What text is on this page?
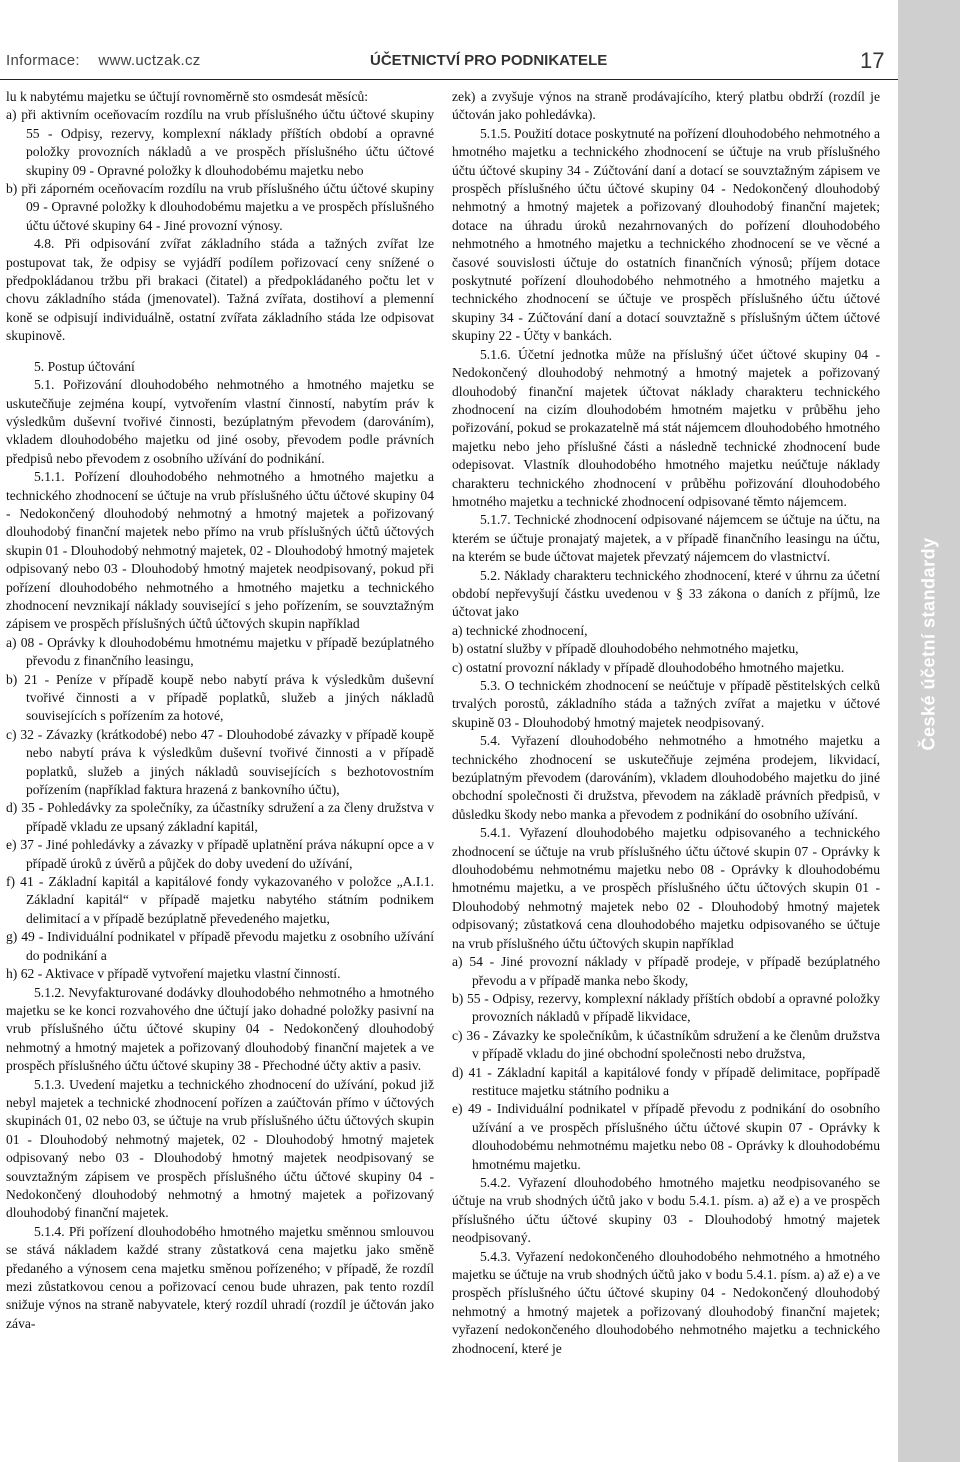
Informace: www.uctzak.cz	ÚČETNICTVÍ PRO PODNIKATELE	17
České účetní standardy

lu k nabytému majetku se účtují rovnoměrně sto osmdesát měsíců:

a) při aktivním oceňovacím rozdílu na vrub příslušného účtu účtové skupiny 55 - Odpisy, rezervy, komplexní náklady příštích období a opravné položky provozních nákladů a ve prospěch příslušného účtu účtové skupiny 09 - Opravné položky k dlouhodobému majetku nebo

b) při záporném oceňovacím rozdílu na vrub příslušného účtu účtové skupiny 09 - Opravné položky k dlouhodobému majetku a ve prospěch příslušného účtu účtové skupiny 64 - Jiné provozní výnosy.

4.8. Při odpisování zvířat základního stáda a tažných zvířat lze postupovat tak, že odpisy se vyjádří podílem pořizovací ceny snížené o předpokládanou tržbu při brakaci (čitatel) a předpokládaného počtu let v chovu základního stáda (jmenovatel). Tažná zvířata, dostihoví a plemenní koně se odpisují individuálně, ostatní zvířata základního stáda lze odpisovat skupinově.

5. Postup účtování

5.1. Pořizování dlouhodobého nehmotného a hmotného majetku se uskutečňuje zejména koupí, vytvořením vlastní činností, nabytím práv k výsledkům duševní tvořivé činnosti, bezúplatným převodem (darováním), vkladem dlouhodobého majetku od jiné osoby, převodem podle právních předpisů nebo převodem z osobního užívání do podnikání.

5.1.1. Pořízení dlouhodobého nehmotného a hmotného majetku a technického zhodnocení se účtuje na vrub příslušného účtu účtové skupiny 04 - Nedokončený dlouhodobý nehmotný a hmotný majetek a pořizovaný dlouhodobý finanční majetek nebo přímo na vrub příslušných účtů účtových skupin 01 - Dlouhodobý nehmotný majetek, 02 - Dlouhodobý hmotný majetek odpisovaný nebo 03 - Dlouhodobý hmotný majetek neodpisovaný, pokud při pořízení dlouhodobého nehmotného a hmotného majetku a technického zhodnocení nevznikají náklady související s jeho pořízením, se souvztažným zápisem ve prospěch příslušných účtů účtových skupin například

a) 08 - Oprávky k dlouhodobému hmotnému majetku v případě bezúplatného převodu z finančního leasingu,

b) 21 - Peníze v případě koupě nebo nabytí práva k výsledkům duševní tvořivé činnosti a v případě poplatků, služeb a jiných nákladů souvisejících s pořízením za hotové,

c) 32 - Závazky (krátkodobé) nebo 47 - Dlouhodobé závazky v případě koupě nebo nabytí práva k výsledkům duševní tvořivé činnosti a v případě poplatků, služeb a jiných nákladů souvisejících s bezhotovostním pořízením (například faktura hrazená z bankovního účtu),

d) 35 - Pohledávky za společníky, za účastníky sdružení a za členy družstva v případě vkladu ze upsaný základní kapitál,

e) 37 - Jiné pohledávky a závazky v případě uplatnění práva nákupní opce a v případě úroků z úvěrů a půjček do doby uvedení do užívání,

f) 41 - Základní kapitál a kapitálové fondy vykazovaného v položce „A.I.1. Základní kapitál“ v případě majetku nabytého státním podnikem delimitací a v případě bezúplatně převedeného majetku,

g) 49 - Individuální podnikatel v případě převodu majetku z osobního užívání do podnikání a

h) 62 - Aktivace v případě vytvoření majetku vlastní činností.

5.1.2. Nevyfakturované dodávky dlouhodobého nehmotného a hmotného majetku se ke konci rozvahového dne účtují jako dohadné položky pasivní na vrub příslušného účtu účtové skupiny 04 - Nedokončený dlouhodobý nehmotný a hmotný majetek a pořizovaný dlouhodobý finanční majetek a ve prospěch příslušného účtu účtové skupiny 38 - Přechodné účty aktiv a pasiv.

5.1.3. Uvedení majetku a technického zhodnocení do užívání, pokud již nebyl majetek a technické zhodnocení pořízen a zaúčtován přímo v účtových skupinách 01, 02 nebo 03, se účtuje na vrub příslušného účtu účtových skupin 01 - Dlouhodobý nehmotný majetek, 02 - Dlouhodobý hmotný majetek odpisovaný nebo 03 - Dlouhodobý hmotný majetek neodpisovaný se souvztažným zápisem ve prospěch příslušného účtu účtové skupiny 04 - Nedokončený dlouhodobý nehmotný a hmotný majetek a pořizovaný dlouhodobý finanční majetek.

5.1.4. Při pořízení dlouhodobého hmotného majetku směnnou smlouvou se stává nákladem každé strany zůstatková cena majetku jako směně předaného a výnosem cena majetku směnou pořízeného; v případě, že rozdíl mezi zůstatkovou cenou a pořizovací cenou bude uhrazen, pak tento rozdíl snižuje výnos na straně nabyvatele, který rozdíl uhradí (rozdíl je účtován jako záva-

zek) a zvyšuje výnos na straně prodávajícího, který platbu obdrží (rozdíl je účtován jako pohledávka).

5.1.5. Použití dotace poskytnuté na pořízení dlouhodobého nehmotného a hmotného majetku a technického zhodnocení se účtuje na vrub příslušného účtu účtové skupiny 34 - Zúčtování daní a dotací se souvztažným zápisem ve prospěch příslušného účtu účtové skupiny 04 - Nedokončený dlouhodobý nehmotný a hmotný majetek a pořizovaný dlouhodobý finanční majetek; dotace na úhradu úroků nezahrnovaných do pořízení dlouhodobého nehmotného a hmotného majetku a technického zhodnocení se ve věcné a časové souvislosti účtuje do ostatních finančních výnosů; příjem dotace poskytnuté pořízení dlouhodobého nehmotného a hmotného majetku a technického zhodnocení se účtuje ve prospěch příslušného účtu účtové skupiny 34 - Zúčtování daní a dotací souvztažně s příslušným účtem účtové skupiny 22 - Účty v bankách.

5.1.6. Účetní jednotka může na příslušný účet účtové skupiny 04 - Nedokončený dlouhodobý nehmotný a hmotný majetek a pořizovaný dlouhodobý finanční majetek účtovat náklady charakteru technického zhodnocení na cizím dlouhodobém hmotném majetku v průběhu jeho pořizování, pokud se prokazatelně má stát nájemcem dlouhodobého hmotného majetku nebo jeho příslušné části a následně technické zhodnocení bude odepisovat. Vlastník dlouhodobého hmotného majetku neúčtuje náklady charakteru technického zhodnocení v průběhu pořizování dlouhodobého hmotného majetku a technické zhodnocení odpisované těmto nájemcem.

5.1.7. Technické zhodnocení odpisované nájemcem se účtuje na účtu, na kterém se účtuje pronajatý majetek, a v případě finančního leasingu na účtu, na kterém se bude účtovat majetek převzatý nájemcem do vlastnictví.

5.2. Náklady charakteru technického zhodnocení, které v úhrnu za účetní období nepřevyšují částku uvedenou v § 33 zákona o daních z příjmů, lze účtovat jako

a) technické zhodnocení,

b) ostatní služby v případě dlouhodobého nehmotného majetku,

c) ostatní provozní náklady v případě dlouhodobého hmotného majetku.

5.3. O technickém zhodnocení se neúčtuje v případě pěstitelských celků trvalých porostů, základního stáda a tažných zvířat a majetku v účtové skupině 03 - Dlouhodobý hmotný majetek neodpisovaný.

5.4. Vyřazení dlouhodobého nehmotného a hmotného majetku a technického zhodnocení se uskutečňuje zejména prodejem, likvidací, bezúplatným převodem (darováním), vkladem dlouhodobého majetku do jiné obchodní společnosti či družstva, převodem na základě právních předpisů, v důsledku škody nebo manka a převodem z podnikání do osobního užívání.

5.4.1. Vyřazení dlouhodobého majetku odpisovaného a technického zhodnocení se účtuje na vrub příslušného účtu účtové skupin 07 - Oprávky k dlouhodobému nehmotnému majetku nebo 08 - Oprávky k dlouhodobému hmotnému majetku, a ve prospěch příslušného účtu účtových skupin 01 - Dlouhodobý nehmotný majetek nebo 02 - Dlouhodobý hmotný majetek odpisovaný; zůstatková cena dlouhodobého majetku odpisovaného se účtuje na vrub příslušného účtu účtových skupin například

a) 54 - Jiné provozní náklady v případě prodeje, v případě bezúplatného převodu a v případě manka nebo škody,

b) 55 - Odpisy, rezervy, komplexní náklady příštích období a opravné položky provozních nákladů v případě likvidace,

c) 36 - Závazky ke společníkům, k účastníkům sdružení a ke členům družstva v případě vkladu do jiné obchodní společnosti nebo družstva,

d) 41 - Základní kapitál a kapitálové fondy v případě delimitace, popřípadě restituce majetku státního podniku a

e) 49 - Individuální podnikatel v případě převodu z podnikání do osobního užívání a ve prospěch příslušného účtu účtové skupin 07 - Oprávky k dlouhodobému nehmotnému majetku nebo 08 - Oprávky k dlouhodobému hmotnému majetku.

5.4.2. Vyřazení dlouhodobého hmotného majetku neodpisovaného se účtuje na vrub shodných účtů jako v bodu 5.4.1. písm. a) až e) a ve prospěch příslušného účtu účtové skupiny 03 - Dlouhodobý hmotný majetek neodpisovaný.

5.4.3. Vyřazení nedokončeného dlouhodobého nehmotného a hmotného majetku se účtuje na vrub shodných účtů jako v bodu 5.4.1. písm. a) až e) a ve prospěch příslušného účtu účtové skupiny 04 - Nedokončený dlouhodobý nehmotný a hmotný majetek a pořizovaný dlouhodobý finanční majetek; vyřazení nedokončeného dlouhodobého nehmotného majetku a technického zhodnocení, které je
